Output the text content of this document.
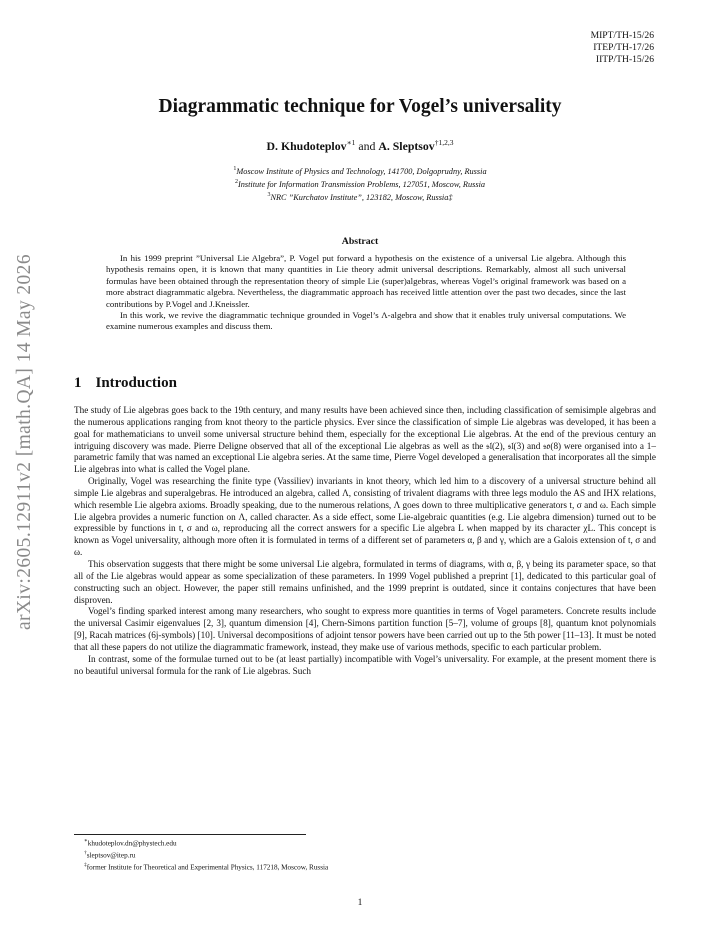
arXiv:2605.12911v2 [math.QA] 14 May 2026
MIPT/TH-15/26
ITEP/TH-17/26
IITP/TH-15/26
Diagrammatic technique for Vogel’s universality
D. Khudoteplov$^{∗1}$ and A. Sleptsov$^{\dagger 1,2,3}$
$^1$Moscow Institute of Physics and Technology, 141700, Dolgoprudny, Russia
$^2$Institute for Information Transmission Problems, 127051, Moscow, Russia
$^3$NRC ”Kurchatov Institute”, 123182, Moscow, Russia‡
Abstract

In his 1999 preprint ”Universal Lie Algebra”, P. Vogel put forward a hypothesis on the existence of a universal Lie algebra. Although this hypothesis remains open, it is known that many quantities in Lie theory admit universal descriptions. Remarkably, almost all such universal formulas have been obtained through the representation theory of simple Lie (super)algebras, whereas Vogel’s original framework was based on a more abstract diagrammatic algebra. Nevertheless, the diagrammatic approach has received little attention over the past two decades, since the last contributions by P.Vogel and J.Kneissler.

In this work, we revive the diagrammatic technique grounded in Vogel’s Λ-algebra and show that it enables truly universal computations. We examine numerous examples and discuss them.

1 Introduction

The study of Lie algebras goes back to the 19th century, and many results have been achieved since then, including classification of semisimple algebras and the numerous applications ranging from knot theory to the particle physics. Ever since the classification of simple Lie algebras was developed, it has been a goal for mathematicians to unveil some universal structure behind them, especially for the exceptional Lie algebras. At the end of the previous century an intriguing discovery was made. Pierre Deligne observed that all of the exceptional Lie algebras as well as the 𝔰𝔩(2), 𝔰𝔩(3) and 𝔰𝔬(8) were organised into a 1–parametric family that was named an exceptional Lie algebra series. At the same time, Pierre Vogel developed a generalisation that incorporates all the simple Lie algebras into what is called the Vogel plane.

Originally, Vogel was researching the finite type (Vassiliev) invariants in knot theory, which led him to a discovery of a universal structure behind all simple Lie algebras and superalgebras. He introduced an algebra, called Λ, consisting of trivalent diagrams with three legs modulo the AS and IHX relations, which resemble Lie algebra axioms. Broadly speaking, due to the numerous relations, Λ goes down to three multiplicative generators t, σ and ω. Each simple Lie algebra provides a numeric function on Λ, called character. As a side effect, some Lie-algebraic quantities (e.g. Lie algebra dimension) turned out to be expressible by functions in t, σ and ω, reproducing all the correct answers for a specific Lie algebra L when mapped by its character χL. This concept is known as Vogel universality, although more often it is formulated in terms of a different set of parameters α, β and γ, which are a Galois extension of t, σ and ω.

This observation suggests that there might be some universal Lie algebra, formulated in terms of diagrams, with α, β, γ being its parameter space, so that all of the Lie algebras would appear as some specialization of these parameters. In 1999 Vogel published a preprint [1], dedicated to this particular goal of constructing such an object. However, the paper still remains unfinished, and the 1999 preprint is outdated, since it contains conjectures that have been disproven.

Vogel’s finding sparked interest among many researchers, who sought to express more quantities in terms of Vogel parameters. Concrete results include the universal Casimir eigenvalues [2, 3], quantum dimension [4], Chern-Simons partition function [5–7], volume of groups [8], quantum knot polynomials [9], Racah matrices (6j-symbols) [10]. Universal decompositions of adjoint tensor powers have been carried out up to the 5th power [11–13]. It must be noted that all these papers do not utilize the diagrammatic framework, instead, they make use of various methods, specific to each particular problem.

In contrast, some of the formulae turned out to be (at least partially) incompatible with Vogel’s universality. For example, at the present moment there is no beautiful universal formula for the rank of Lie algebras. Such

∗khudoteplov.dn@phystech.edu
†sleptsov@itep.ru
‡former Institute for Theoretical and Experimental Physics, 117218, Moscow, Russia
1
